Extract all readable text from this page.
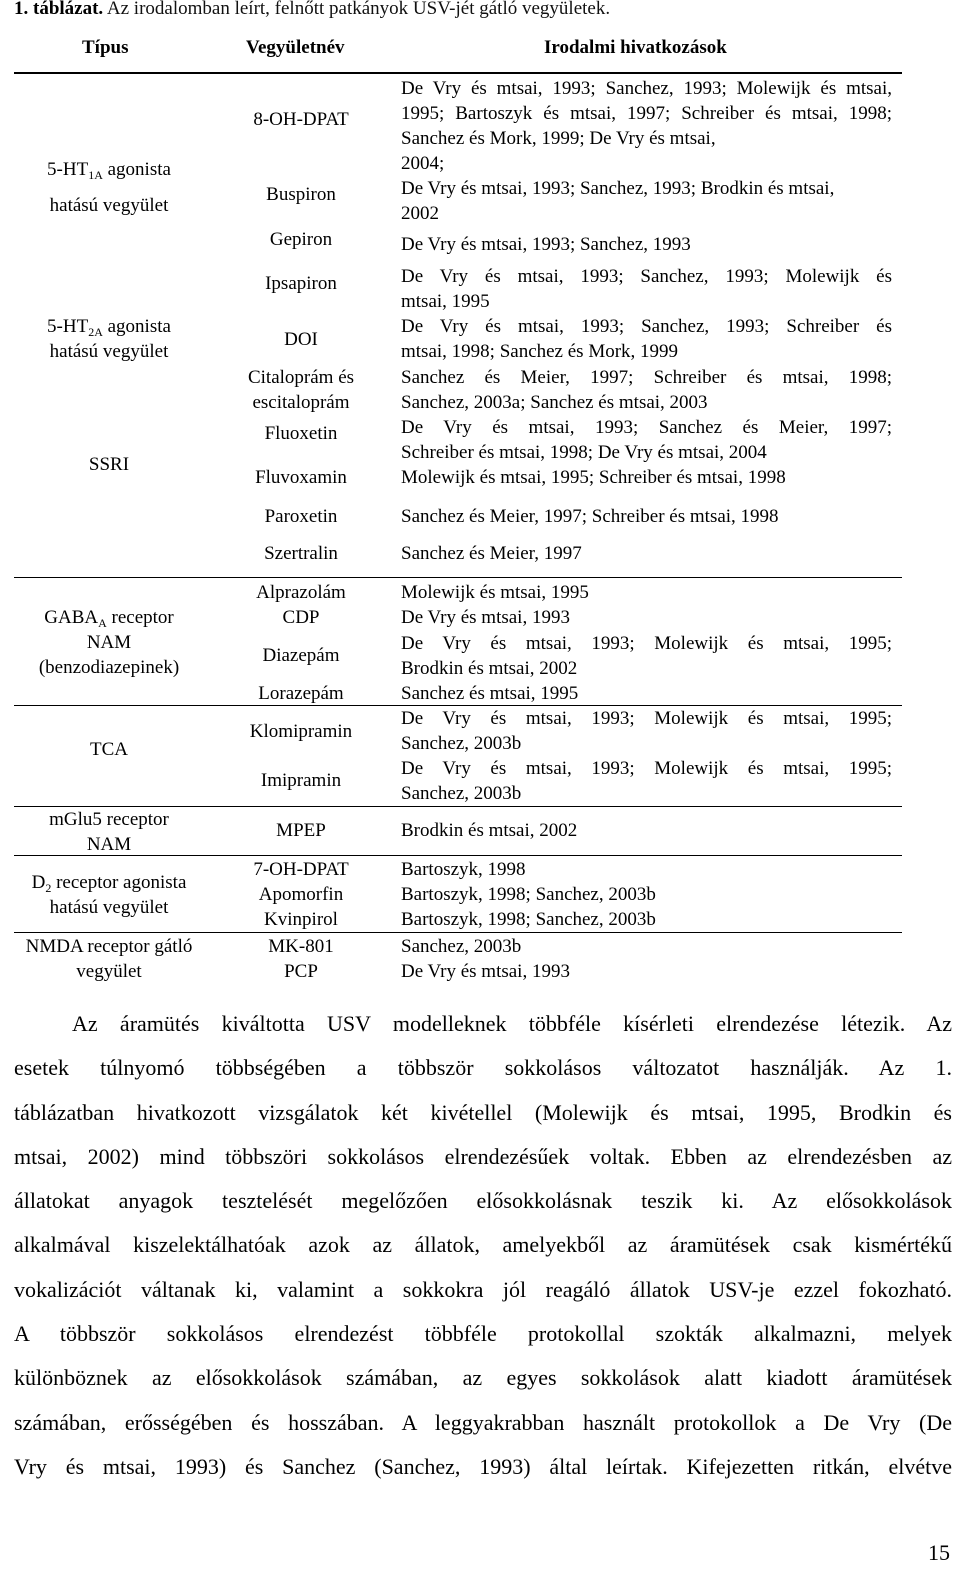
1. táblázat. Az irodalomban leírt, felnőtt patkányok USV-jét gátló vegyületek.
Típus	Vegyületnév	Irodalmi hivatkozások
$5-HT_{1A}$ agonista
hatású vegyület
$5-HT_{2A}$ agonista
hatású vegyület
SSRI
$GABA_A$ receptor
NAM
(benzodiazepinek)
TCA
mGlu5 receptor
NAM
$D_2$ receptor agonista
hatású vegyület
NMDA receptor gátló
vegyület
8-OH-DPAT
Buspiron
Gepiron
Ipsapiron
DOI
Citaloprám és
escitaloprám
Fluoxetin
Fluvoxamin
Paroxetin
Szertralin
Alprazolám
CDP
Diazepám
Lorazepám
Klomipramin
Imipramin
MPEP
7-OH-DPAT
Apomorfin
Kvinpirol
MK-801
PCP
De Vry és mtsai, 1993; Sanchez, 1993; Molewijk és mtsai, 1995; Bartoszyk és mtsai, 1997; Schreiber és mtsai, 1998; Sanchez és Mork, 1999; De Vry és mtsai,
2004;
De Vry és mtsai, 1993; Sanchez, 1993; Brodkin és mtsai,
2002
De Vry és mtsai, 1993; Sanchez, 1993
De Vry és mtsai, 1993; Sanchez, 1993; Molewijk és
mtsai, 1995
De Vry és mtsai, 1993; Sanchez, 1993; Schreiber és
mtsai, 1998; Sanchez és Mork, 1999
Sanchez és Meier, 1997; Schreiber és mtsai, 1998;
Sanchez, 2003a; Sanchez és mtsai, 2003
De Vry és mtsai, 1993; Sanchez és Meier, 1997;
Schreiber és mtsai, 1998; De Vry és mtsai, 2004
Molewijk és mtsai, 1995; Schreiber és mtsai, 1998
Sanchez és Meier, 1997; Schreiber és mtsai, 1998
Sanchez és Meier, 1997
Molewijk és mtsai, 1995
De Vry és mtsai, 1993
De Vry és mtsai, 1993; Molewijk és mtsai, 1995;
Brodkin és mtsai, 2002
Sanchez és mtsai, 1995
De Vry és mtsai, 1993; Molewijk és mtsai, 1995;
Sanchez, 2003b
De Vry és mtsai, 1993; Molewijk és mtsai, 1995;
Sanchez, 2003b
Brodkin és mtsai, 2002
Bartoszyk, 1998
Bartoszyk, 1998; Sanchez, 2003b
Bartoszyk, 1998; Sanchez, 2003b
Sanchez, 2003b
De Vry és mtsai, 1993
Az áramütés kiváltotta USV modelleknek többféle kísérleti elrendezése létezik. Az
esetek túlnyomó többségében a többször sokkolásos változatot használják. Az 1.
táblázatban hivatkozott vizsgálatok két kivétellel (Molewijk és mtsai, 1995, Brodkin és
mtsai, 2002) mind többszöri sokkolásos elrendezésűek voltak. Ebben az elrendezésben az
állatokat anyagok tesztelését megelőzően elősokkolásnak teszik ki. Az elősokkolások
alkalmával kiszelektálhatóak azok az állatok, amelyekből az áramütések csak kismértékű
vokalizációt váltanak ki, valamint a sokkokra jól reagáló állatok USV-je ezzel fokozható.
A többször sokkolásos elrendezést többféle protokollal szokták alkalmazni, melyek
különböznek az elősokkolások számában, az egyes sokkolások alatt kiadott áramütések
számában, erősségében és hosszában. A leggyakrabban használt protokollok a De Vry (De
Vry és mtsai, 1993) és Sanchez (Sanchez, 1993) által leírtak. Kifejezetten ritkán, elvétve
15
